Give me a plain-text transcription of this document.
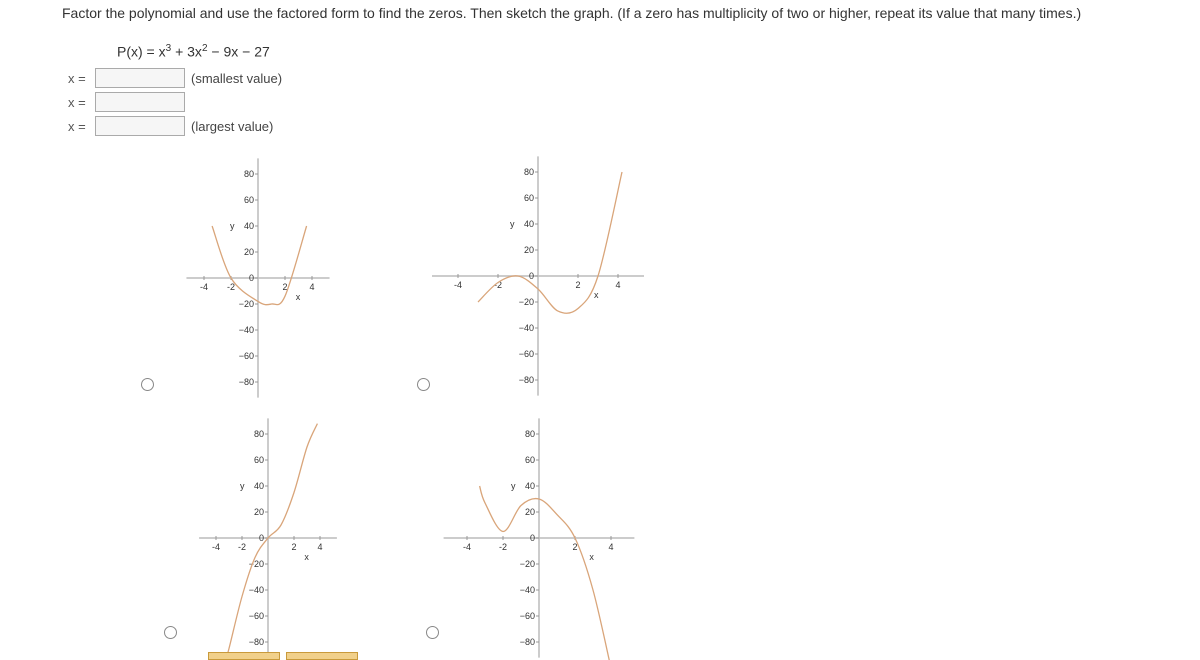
Factor the polynomial and use the factored form to find the zeros. Then sketch the graph. (If a zero has multiplicity of two or higher, repeat its value that many times.)
$P(x) = x^3 + 3x^2 - 9x - 27$
x =	(smallest value)
x =
x =	(largest value)
-4 -2	2 4
80
60
40
20
0
−20
−40
−60
−80
y
x
-4	-2	2	4
80
60
40
20
0
−20
−40
−60
−80
y
x
-4 -2	2 4
80
60
40
20
0
−20
−40
−60
−80
y
x
-4	-2	2	4
80
60
40
20
0
−20
−40
−60
−80
y
x
